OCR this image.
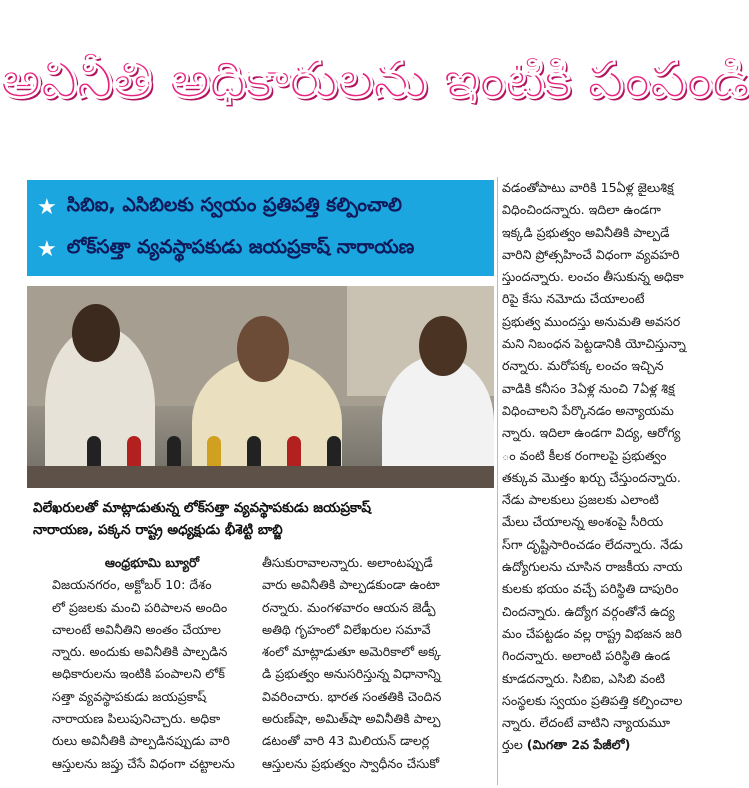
అవినీతి అధికారులను ఇంటికి పంపండి
★ సిబిఐ, ఎసిబిలకు స్వయం ప్రతిపత్తి కల్పించాలి
★ లోక్‌సత్తా వ్యవస్థాపకుడు జయప్రకాష్ నారాయణ
విలేఖరులతో మాట్లాడుతున్న లోక్‌సత్తా వ్యవస్థాపకుడు జయప్రకాష్
నారాయణ, పక్కన రాష్ట్ర అధ్యక్షుడు భీశెట్టి బాబ్జి
ఆంధ్రభూమి బ్యూరో
విజయనగరం, అక్టోబర్ 10: దేశం
లో ప్రజలకు మంచి పరిపాలన అందిం
చాలంటే అవినీతిని అంతం చేయాల
న్నారు. అందుకు అవినీతికి పాల్పడిన
అధికారులను ఇంటికి పంపాలని లోక్
సత్తా వ్యవస్థాపకుడు జయప్రకాష్
నారాయణ పిలుపునిచ్చారు. అధికా
రులు అవినీతికి పాల్పడినప్పుడు వారి
ఆస్తులను జప్తు చేసే విధంగా చట్టాలను
తీసుకురావాలన్నారు. అలాంటప్పుడే
వారు అవినీతికి పాల్పడకుండా ఉంటా
రన్నారు. మంగళవారం ఆయన జెడ్పీ
అతిథి గృహంలో విలేఖరుల సమావే
శంలో మాట్లాడుతూ అమెరికాలో అక్క
డి ప్రభుత్వం అనుసరిస్తున్న విధానాన్ని
వివరించారు. భారత సంతతికి చెందిన
అరుణ్‌షా, అమిత్‌షా అవినీతికి పాల్ప
డటంతో వారి 43 మిలియన్ డాలర్ల
ఆస్తులను ప్రభుత్వం స్వాధీనం చేసుకో
వడంతోపాటు వారికి 15ఏళ్ల జైలుశిక్ష
విధించిందన్నారు. ఇదిలా ఉండగా
ఇక్కడి ప్రభుత్వం అవినీతికి పాల్పడే
వారిని ప్రోత్సహించే విధంగా వ్యవహరి
స్తుందన్నారు. లంచం తీసుకున్న అధికా
రిపై కేసు నమోదు చేయాలంటే
ప్రభుత్వ ముందస్తు అనుమతి అవసర
మని నిబంధన పెట్టడానికి యోచిస్తున్నా
రన్నారు. మరోపక్క లంచం ఇచ్చిన
వాడికి కనీసం 3ఏళ్ల నుంచి 7ఏళ్ల శిక్ష
విధించాలని పేర్కొనడం అన్యాయమ
న్నారు. ఇదిలా ఉండగా విద్య, ఆరోగ్య
ం వంటి కీలక రంగాలపై ప్రభుత్వం
తక్కువ మొత్తం ఖర్చు చేస్తుందన్నారు.
నేడు పాలకులు ప్రజలకు ఎలాంటి
మేలు చేయాలన్న అంశంపై సీరియ
స్‌గా దృష్టిసారించడం లేదన్నారు. నేడు
ఉద్యోగులను చూసిన రాజకీయ నాయ
కులకు భయం వచ్చే పరిస్థితి దాపురిం
చిందన్నారు. ఉద్యోగ వర్గంతోనే ఉద్య
మం చేపట్టడం వల్ల రాష్ట్ర విభజన జరి
గిందన్నారు. అలాంటి పరిస్థితి ఉండ
కూడదన్నారు. సిబిఐ, ఎసిబి వంటి
సంస్థలకు స్వయం ప్రతిపత్తి కల్పించాల
న్నారు. లేదంటే వాటిని న్యాయమూ
ర్తుల (మిగతా 2వ పేజీలో)
